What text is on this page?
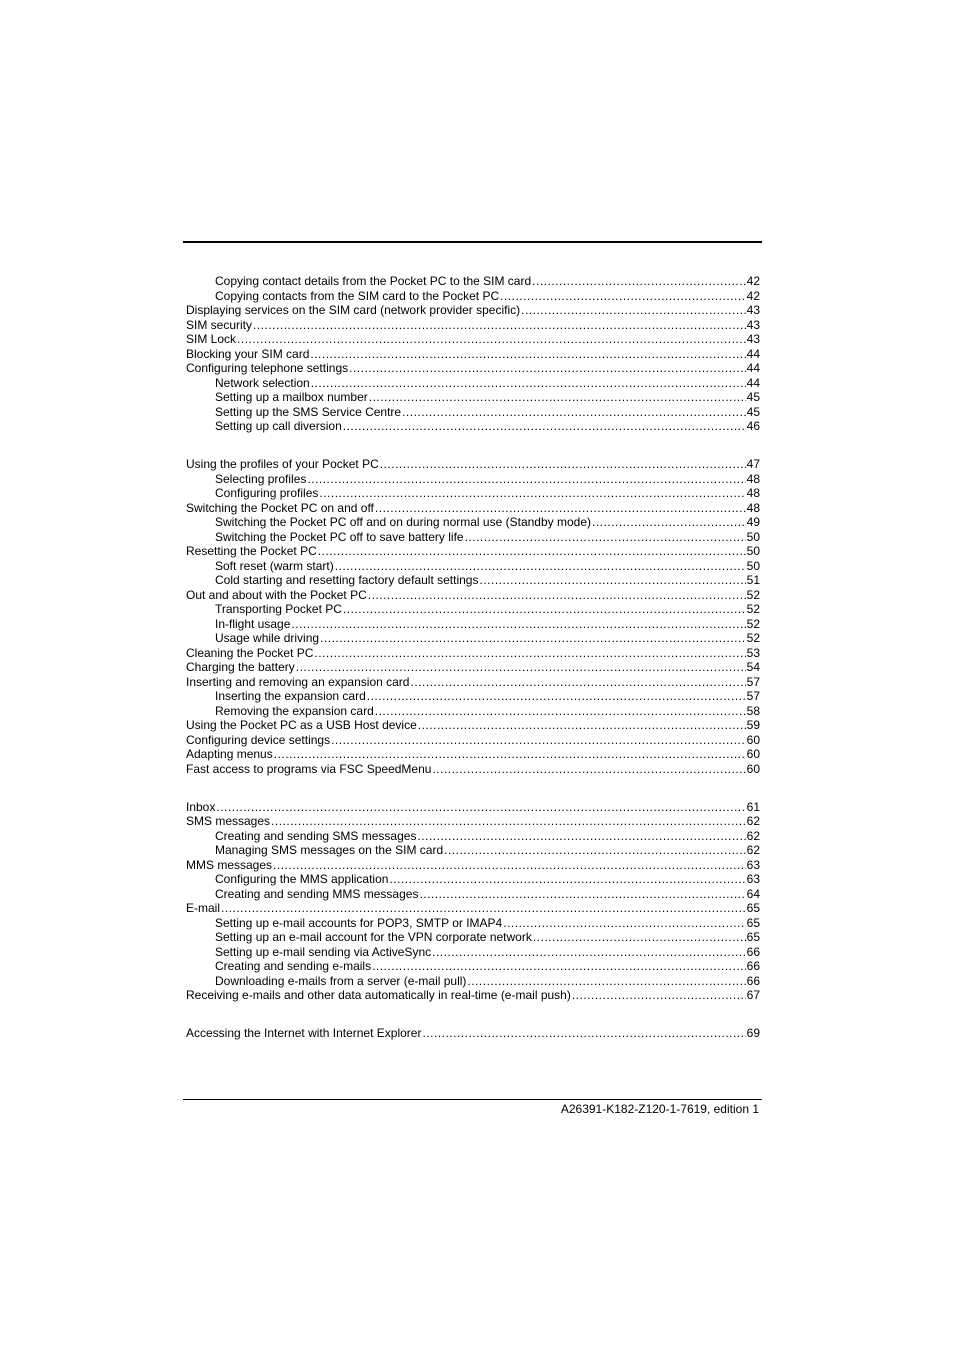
Copying contact details from the Pocket PC to the SIM card .....	42
Copying contacts from the SIM card to the Pocket PC .....	42
Displaying services on the SIM card (network provider specific) .....	43
SIM security .....	43
SIM Lock .....	43
Blocking your SIM card .....	44
Configuring telephone settings .....	44
Network selection .....	44
Setting up a mailbox number .....	45
Setting up the SMS Service Centre .....	45
Setting up call diversion .....	46
Using the profiles of your Pocket PC .....	47
Selecting profiles .....	48
Configuring profiles .....	48
Switching the Pocket PC on and off .....	48
Switching the Pocket PC off and on during normal use (Standby mode) .....	49
Switching the Pocket PC off to save battery life .....	50
Resetting the Pocket PC .....	50
Soft reset (warm start) .....	50
Cold starting and resetting factory default settings .....	51
Out and about with the Pocket PC .....	52
Transporting Pocket PC .....	52
In-flight usage .....	52
Usage while driving .....	52
Cleaning the Pocket PC .....	53
Charging the battery .....	54
Inserting and removing an expansion card .....	57
Inserting the expansion card .....	57
Removing the expansion card .....	58
Using the Pocket PC as a USB Host device .....	59
Configuring device settings .....	60
Adapting menus .....	60
Fast access to programs via FSC SpeedMenu .....	60
Inbox .....	61
SMS messages .....	62
Creating and sending SMS messages .....	62
Managing SMS messages on the SIM card .....	62
MMS messages .....	63
Configuring the MMS application .....	63
Creating and sending MMS messages .....	64
E-mail .....	65
Setting up e-mail accounts for POP3, SMTP or IMAP4 .....	65
Setting up an e-mail account for the VPN corporate network .....	65
Setting up e-mail sending via ActiveSync .....	66
Creating and sending e-mails .....	66
Downloading e-mails from a server (e-mail pull) .....	66
Receiving e-mails and other data automatically in real-time (e-mail push) .....	67
Accessing the Internet with Internet Explorer .....	69
A26391-K182-Z120-1-7619, edition 1
